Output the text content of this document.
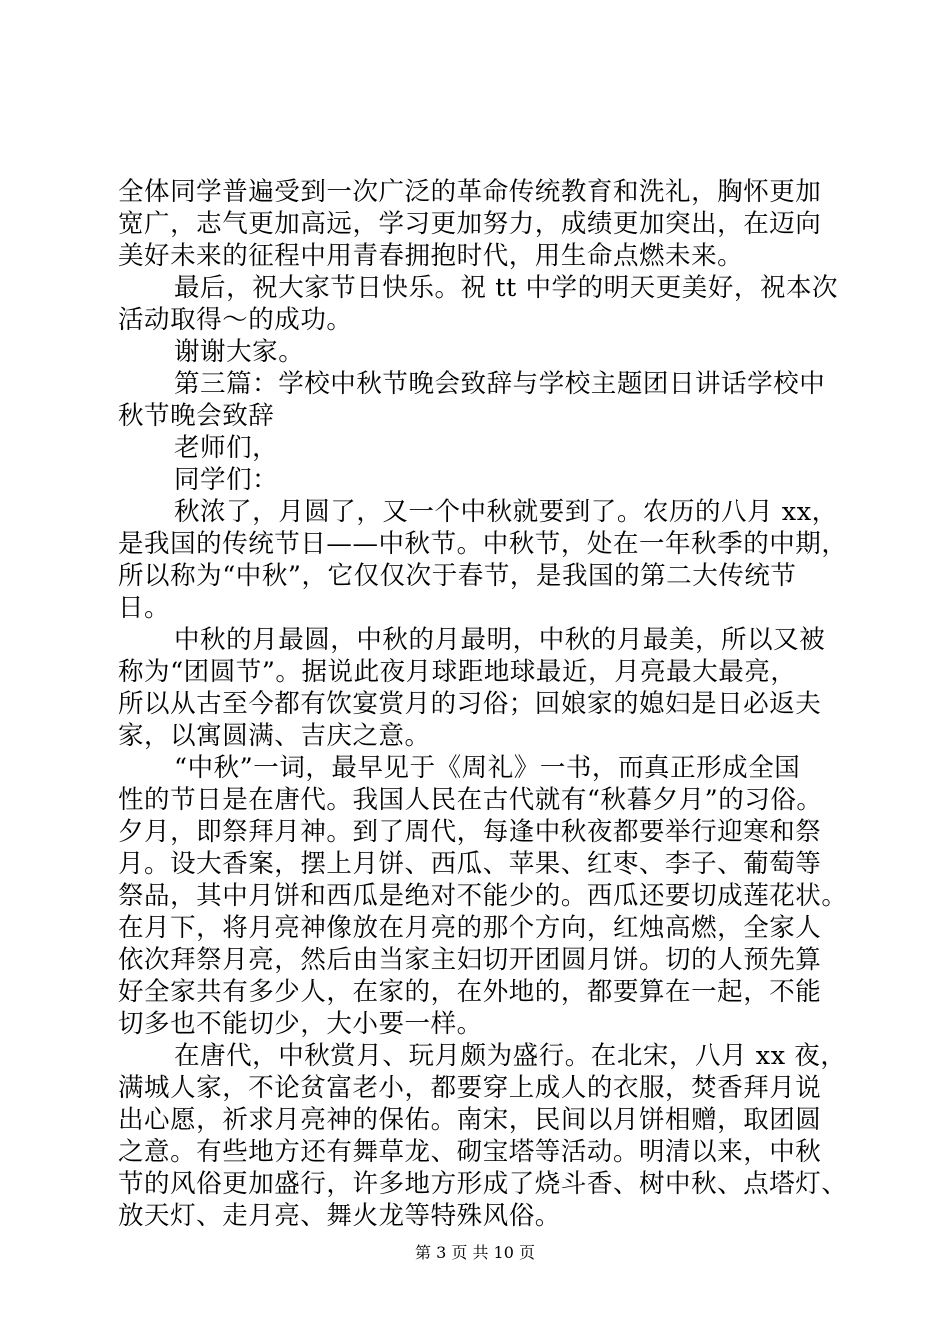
全体同学普遍受到一次广泛的革命传统教育和洗礼，胸怀更加
宽广，志气更加高远，学习更加努力，成绩更加突出，在迈向
美好未来的征程中用青春拥抱时代，用生命点燃未来。
最后，祝大家节日快乐。祝 tt 中学的明天更美好，祝本次
活动取得～的成功。
谢谢大家。
第三篇：学校中秋节晚会致辞与学校主题团日讲话学校中
秋节晚会致辞
老师们，
同学们：
秋浓了，月圆了，又一个中秋就要到了。农历的八月 xx，
是我国的传统节日——中秋节。中秋节，处在一年秋季的中期，
所以称为“中秋”，它仅仅次于春节，是我国的第二大传统节
日。
中秋的月最圆，中秋的月最明，中秋的月最美，所以又被
称为“团圆节”。据说此夜月球距地球最近，月亮最大最亮，
所以从古至今都有饮宴赏月的习俗；回娘家的媳妇是日必返夫
家，以寓圆满、吉庆之意。
“中秋”一词，最早见于《周礼》一书，而真正形成全国
性的节日是在唐代。我国人民在古代就有“秋暮夕月”的习俗。
夕月，即祭拜月神。到了周代，每逢中秋夜都要举行迎寒和祭
月。设大香案，摆上月饼、西瓜、苹果、红枣、李子、葡萄等
祭品，其中月饼和西瓜是绝对不能少的。西瓜还要切成莲花状。
在月下，将月亮神像放在月亮的那个方向，红烛高燃，全家人
依次拜祭月亮，然后由当家主妇切开团圆月饼。切的人预先算
好全家共有多少人，在家的，在外地的，都要算在一起，不能
切多也不能切少，大小要一样。
在唐代，中秋赏月、玩月颇为盛行。在北宋，八月 xx 夜，
满城人家，不论贫富老小，都要穿上成人的衣服，焚香拜月说
出心愿，祈求月亮神的保佑。南宋，民间以月饼相赠，取团圆
之意。有些地方还有舞草龙、砌宝塔等活动。明清以来，中秋
节的风俗更加盛行，许多地方形成了烧斗香、树中秋、点塔灯、
放天灯、走月亮、舞火龙等特殊风俗。
第 3 页 共 10 页
